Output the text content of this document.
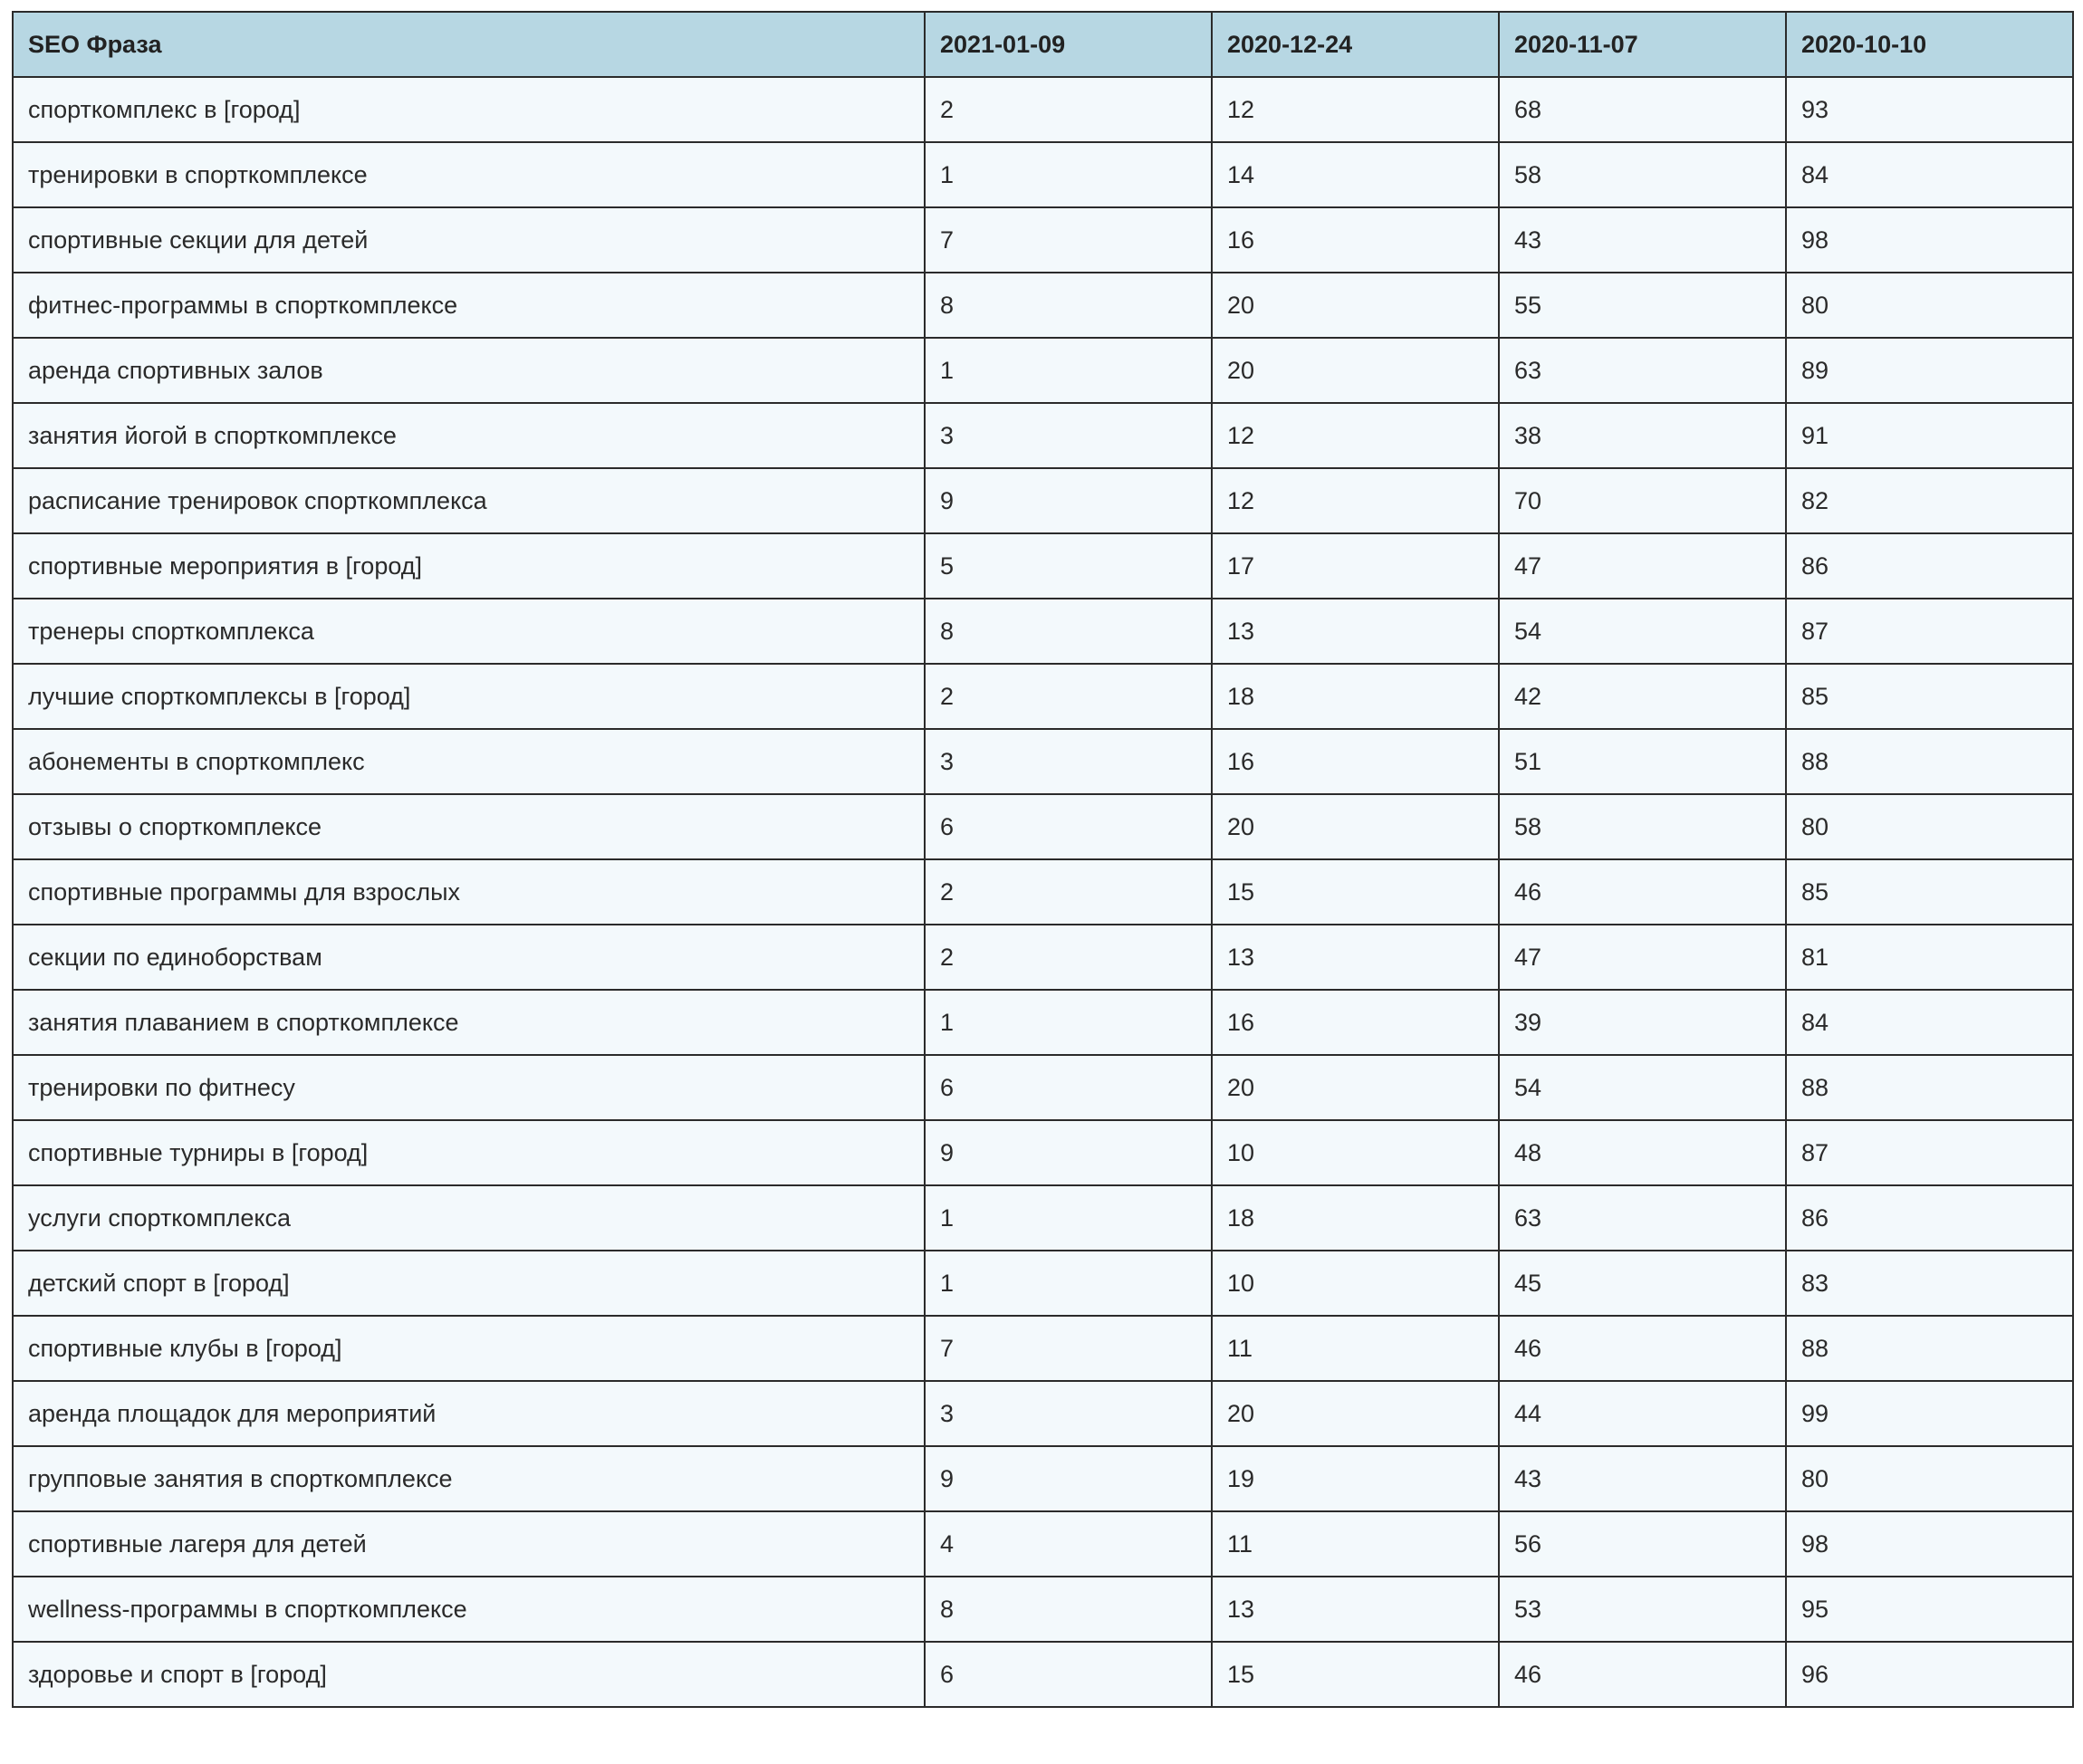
SEO Фраза	2021-01-09	2020-12-24	2020-11-07	2020-10-10
спорткомплекс в [город]	2	12	68	93
тренировки в спорткомплексе	1	14	58	84
спортивные секции для детей	7	16	43	98
фитнес-программы в спорткомплексе	8	20	55	80
аренда спортивных залов	1	20	63	89
занятия йогой в спорткомплексе	3	12	38	91
расписание тренировок спорткомплекса	9	12	70	82
спортивные мероприятия в [город]	5	17	47	86
тренеры спорткомплекса	8	13	54	87
лучшие спорткомплексы в [город]	2	18	42	85
абонементы в спорткомплекс	3	16	51	88
отзывы о спорткомплексе	6	20	58	80
спортивные программы для взрослых	2	15	46	85
секции по единоборствам	2	13	47	81
занятия плаванием в спорткомплексе	1	16	39	84
тренировки по фитнесу	6	20	54	88
спортивные турниры в [город]	9	10	48	87
услуги спорткомплекса	1	18	63	86
детский спорт в [город]	1	10	45	83
спортивные клубы в [город]	7	11	46	88
аренда площадок для мероприятий	3	20	44	99
групповые занятия в спорткомплексе	9	19	43	80
спортивные лагеря для детей	4	11	56	98
wellness-программы в спорткомплексе	8	13	53	95
здоровье и спорт в [город]	6	15	46	96
